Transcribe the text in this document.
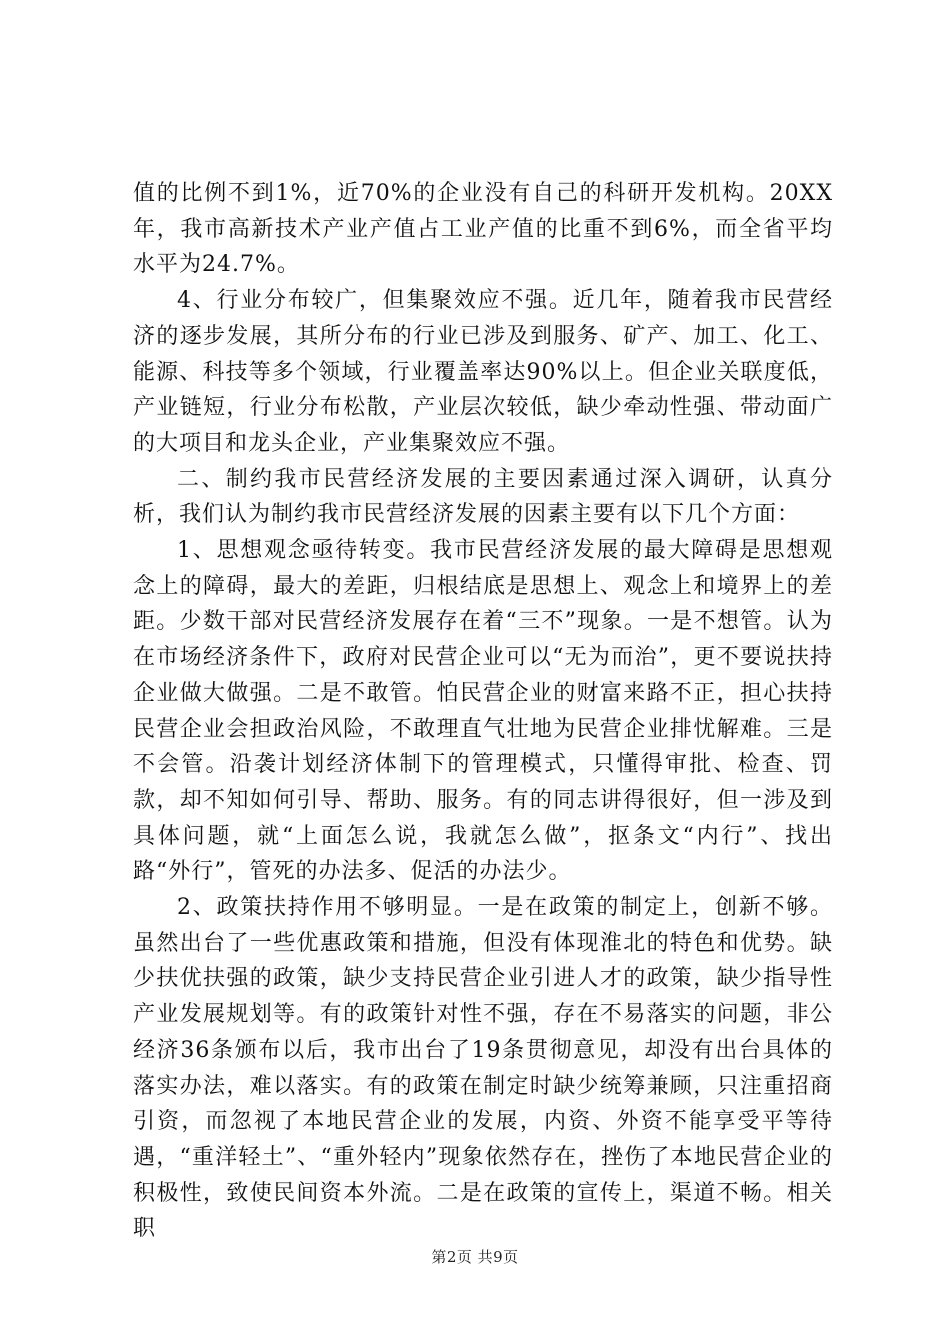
值的比例不到1%，近70%的企业没有自己的科研开发机构。20XX年，我市高新技术产业产值占工业产值的比重不到6%，而全省平均水平为24.7%。

4、行业分布较广，但集聚效应不强。近几年，随着我市民营经济的逐步发展，其所分布的行业已涉及到服务、矿产、加工、化工、能源、科技等多个领域，行业覆盖率达90%以上。但企业关联度低，产业链短，行业分布松散，产业层次较低，缺少牵动性强、带动面广的大项目和龙头企业，产业集聚效应不强。

二、制约我市民营经济发展的主要因素通过深入调研，认真分析，我们认为制约我市民营经济发展的因素主要有以下几个方面：

1、思想观念亟待转变。我市民营经济发展的最大障碍是思想观念上的障碍，最大的差距，归根结底是思想上、观念上和境界上的差距。少数干部对民营经济发展存在着“三不”现象。一是不想管。认为在市场经济条件下，政府对民营企业可以“无为而治”，更不要说扶持企业做大做强。二是不敢管。怕民营企业的财富来路不正，担心扶持民营企业会担政治风险，不敢理直气壮地为民营企业排忧解难。三是不会管。沿袭计划经济体制下的管理模式，只懂得审批、检查、罚款，却不知如何引导、帮助、服务。有的同志讲得很好，但一涉及到具体问题，就“上面怎么说，我就怎么做”，抠条文“内行”、找出路“外行”，管死的办法多、促活的办法少。

2、政策扶持作用不够明显。一是在政策的制定上，创新不够。虽然出台了一些优惠政策和措施，但没有体现淮北的特色和优势。缺少扶优扶强的政策，缺少支持民营企业引进人才的政策，缺少指导性产业发展规划等。有的政策针对性不强，存在不易落实的问题，非公经济36条颁布以后，我市出台了19条贯彻意见，却没有出台具体的落实办法，难以落实。有的政策在制定时缺少统筹兼顾，只注重招商引资，而忽视了本地民营企业的发展，内资、外资不能享受平等待遇，“重洋轻土”、“重外轻内”现象依然存在，挫伤了本地民营企业的积极性，致使民间资本外流。二是在政策的宣传上，渠道不畅。相关职

第2页 共9页
